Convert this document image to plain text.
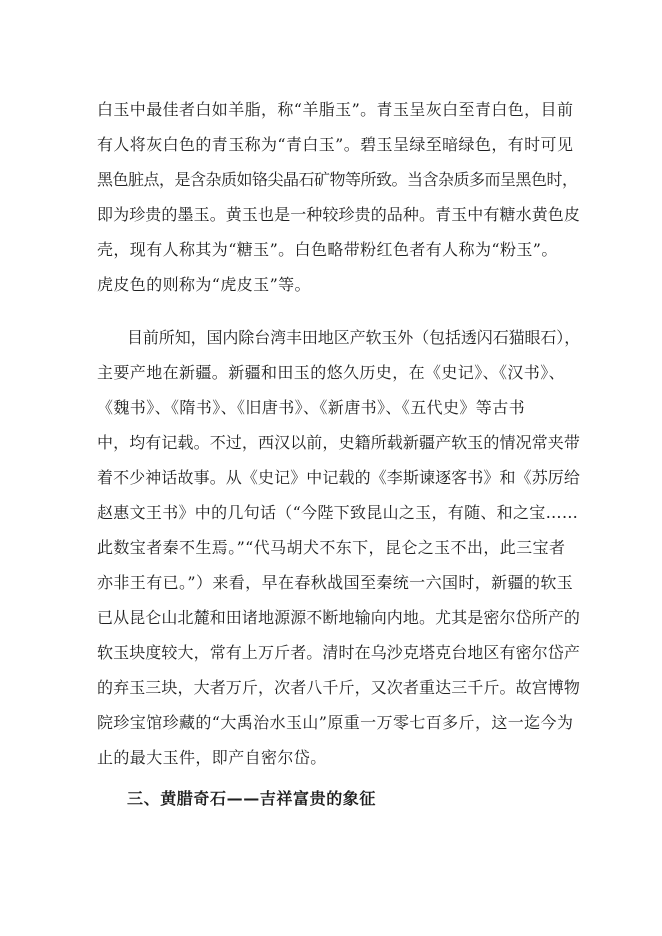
白玉中最佳者白如羊脂，称“羊脂玉”。青玉呈灰白至青白色，目前
有人将灰白色的青玉称为“青白玉”。碧玉呈绿至暗绿色，有时可见
黑色脏点，是含杂质如铬尖晶石矿物等所致。当含杂质多而呈黑色时，
即为珍贵的墨玉。黄玉也是一种较珍贵的品种。青玉中有糖水黄色皮
壳，现有人称其为“糖玉”。白色略带粉红色者有人称为“粉玉”。
虎皮色的则称为“虎皮玉”等。
目前所知，国内除台湾丰田地区产软玉外（包括透闪石猫眼石），
主要产地在新疆。新疆和田玉的悠久历史，在《史记》、《汉书》、
《魏书》、《隋书》、《旧唐书》、《新唐书》、《五代史》等古书
中，均有记载。不过，西汉以前，史籍所载新疆产软玉的情况常夹带
着不少神话故事。从《史记》中记载的《李斯谏逐客书》和《苏厉给
赵惠文王书》中的几句话（“今陛下致昆山之玉，有随、和之宝……
此数宝者秦不生焉。”“代马胡犬不东下，昆仑之玉不出，此三宝者
亦非王有已。”）来看，早在春秋战国至秦统一六国时，新疆的软玉
已从昆仑山北麓和田诸地源源不断地输向内地。尤其是密尔岱所产的
软玉块度较大，常有上万斤者。清时在乌沙克塔克台地区有密尔岱产
的弃玉三块，大者万斤，次者八千斤，又次者重达三千斤。故宫博物
院珍宝馆珍藏的“大禹治水玉山”原重一万零七百多斤，这一迄今为
止的最大玉件，即产自密尔岱。
三、黄腊奇石——吉祥富贵的象征
